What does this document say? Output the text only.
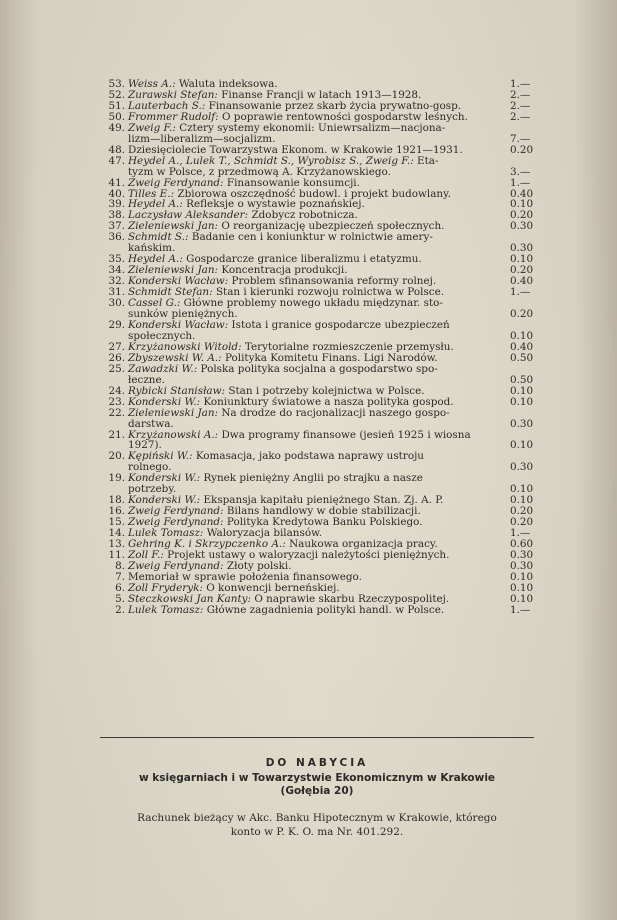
53. Weiss A.: Waluta indeksowa.	1.—
52. Zurawski Stefan: Finanse Francji w latach 1913—1928.	2.—
51. Lauterbach S.: Finansowanie przez skarb życia prywatno-gosp.	2.—
50. Frommer Rudolf: O poprawie rentowności gospodarstw leśnych.	2.—
49. Zweig F.: Cztery systemy ekonomii: Uniewrsalizm—nacjona-
lizm—liberalizm—socjalizm.	7.—
48. Dziesięciolecie Towarzystwa Ekonom. w Krakowie 1921—1931.	0.20
47. Heydel A., Lulek T., Schmidt S., Wyrobisz S., Zweig F.: Eta-
tyzm w Polsce, z przedmową A. Krzyżanowskiego.	3.—
41. Zweig Ferdynand: Finansowanie konsumcji.	1.—
40. Tilles E.: Zbiorowa oszczędność budowl. i projekt budowlany.	0.40
39. Heydel A.: Refleksje o wystawie poznańskiej.	0.10
38. Laczysław Aleksander: Zdobycz robotnicza.	0.20
37. Zieleniewski Jan: O reorganizację ubezpieczeń społecznych.	0.30
36. Schmidt S.: Badanie cen i koniunktur w rolnictwie amery-
kańskim.	0.30
35. Heydel A.: Gospodarcze granice liberalizmu i etatyzmu.	0.10
34. Zieleniewski Jan: Koncentracja produkcji.	0.20
32. Konderski Wacław: Problem sfinansowania reformy rolnej.	0.40
31. Schmidt Stefan: Stan i kierunki rozwoju rolnictwa w Polsce.	1.—
30. Cassel G.: Główne problemy nowego układu międzynar. sto-
sunków pieniężnych.	0.20
29. Konderski Wacław: Istota i granice gospodarcze ubezpieczeń
społecznych.	0.10
27. Krzyżanowski Witold: Terytorialne rozmieszczenie przemysłu.	0.40
26. Zbyszewski W. A.: Polityka Komitetu Finans. Ligi Narodów.	0.50
25. Zawadzki W.: Polska polityka socjalna a gospodarstwo spo-
łeczne.	0.50
24. Rybicki Stanisław: Stan i potrzeby kolejnictwa w Polsce.	0.10
23. Konderski W.: Koniunktury światowe a nasza polityka gospod.	0.10
22. Zieleniewski Jan: Na drodze do racjonalizacji naszego gospo-
darstwa.	0.30
21. Krzyżanowski A.: Dwa programy finansowe (jesień 1925 i wiosna
1927).	0.10
20. Kępiński W.: Komasacja, jako podstawa naprawy ustroju
rolnego.	0.30
19. Konderski W.: Rynek pieniężny Anglii po strajku a nasze
potrzeby.	0.10
18. Konderski W.: Ekspansja kapitału pieniężnego Stan. Zj. A. P.	0.10
16. Zweig Ferdynand: Bilans handlowy w dobie stabilizacji.	0.20
15. Zweig Ferdynand: Polityka Kredytowa Banku Polskiego.	0.20
14. Lulek Tomasz: Waloryzacja bilansów.	1.—
13. Gehring K. i Skrzypczenko A.: Naukowa organizacja pracy.	0.60
11. Zoll F.: Projekt ustawy o waloryzacji należytości pieniężnych.	0.30
8. Zweig Ferdynand: Złoty polski.	0.30
7. Memoriał w sprawie położenia finansowego.	0.10
6. Zoll Fryderyk: O konwencji berneńskiej.	0.10
5. Steczkowski Jan Kanty: O naprawie skarbu Rzeczypospolitej.	0.10
2. Lulek Tomasz: Główne zagadnienia polityki handl. w Polsce.	1.—
DO NABYCIA
w księgarniach i w Towarzystwie Ekonomicznym w Krakowie
(Gołębia 20)
Rachunek bieżący w Akc. Banku Hipotecznym w Krakowie, którego
konto w P. K. O. ma Nr. 401.292.
